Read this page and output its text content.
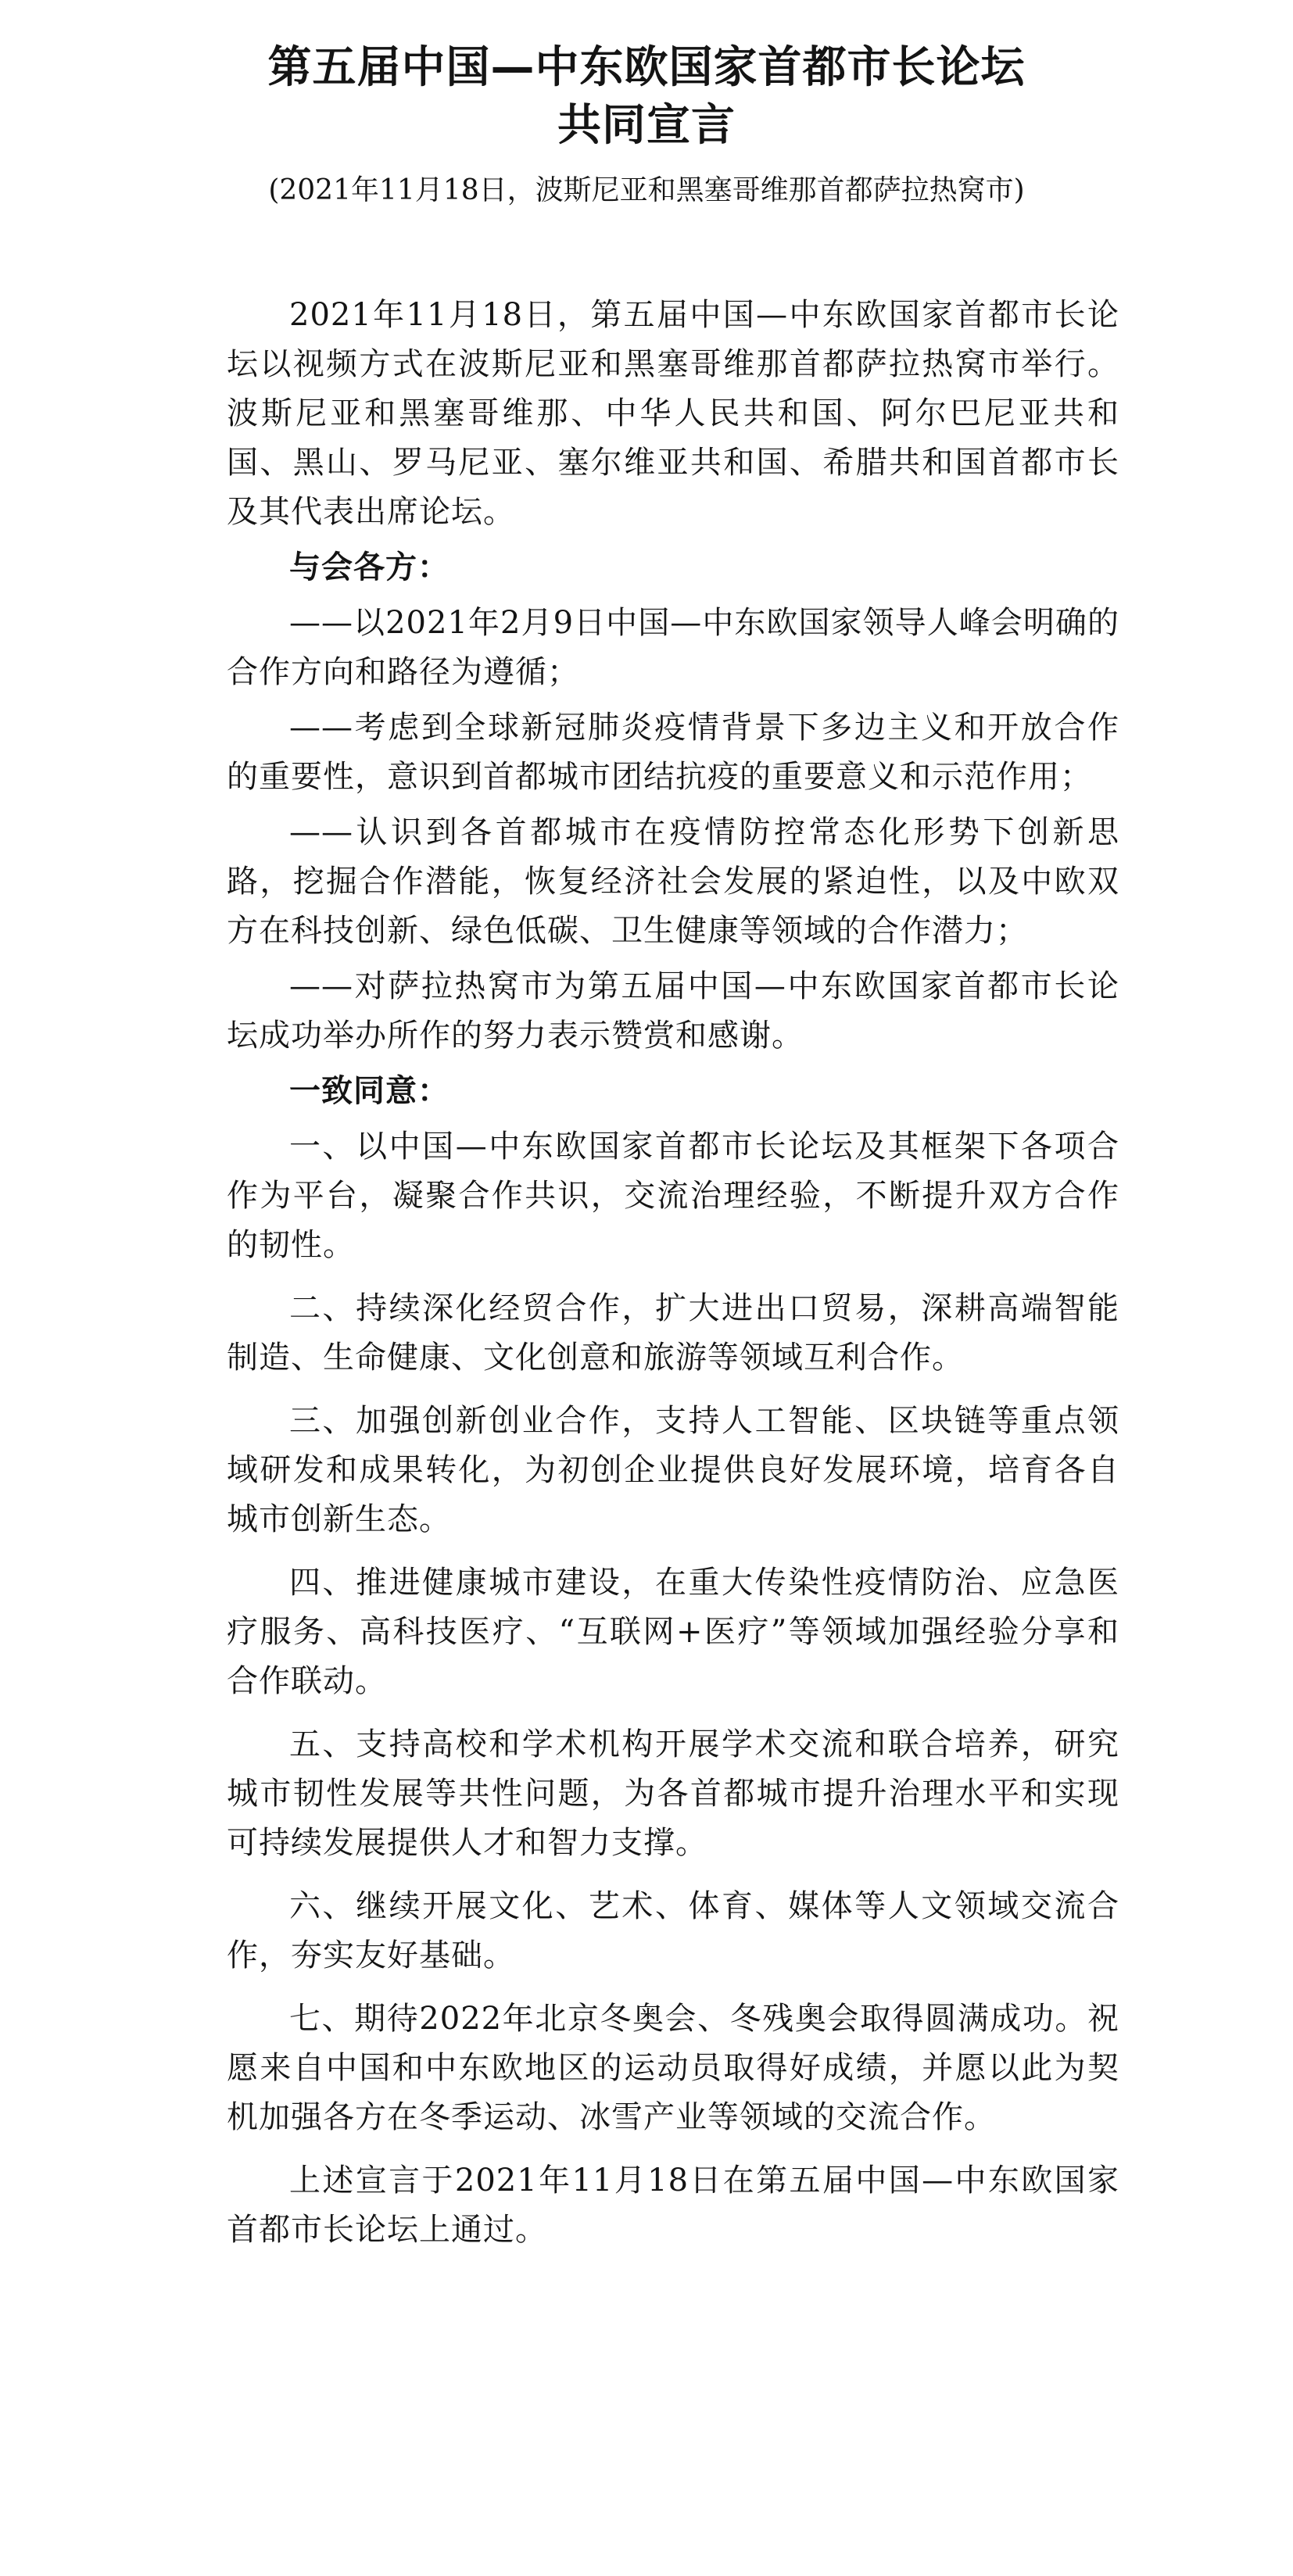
第五届中国—中东欧国家首都市长论坛
共同宣言
(2021年11月18日，波斯尼亚和黑塞哥维那首都萨拉热窝市)

2021年11月18日，第五届中国—中东欧国家首都市长论坛以视频方式在波斯尼亚和黑塞哥维那首都萨拉热窝市举行。波斯尼亚和黑塞哥维那、中华人民共和国、阿尔巴尼亚共和国、黑山、罗马尼亚、塞尔维亚共和国、希腊共和国首都市长及其代表出席论坛。

与会各方：

——以2021年2月9日中国—中东欧国家领导人峰会明确的合作方向和路径为遵循；

——考虑到全球新冠肺炎疫情背景下多边主义和开放合作的重要性，意识到首都城市团结抗疫的重要意义和示范作用；

——认识到各首都城市在疫情防控常态化形势下创新思路，挖掘合作潜能，恢复经济社会发展的紧迫性，以及中欧双方在科技创新、绿色低碳、卫生健康等领域的合作潜力；

——对萨拉热窝市为第五届中国—中东欧国家首都市长论坛成功举办所作的努力表示赞赏和感谢。

一致同意：

一、以中国—中东欧国家首都市长论坛及其框架下各项合作为平台，凝聚合作共识，交流治理经验，不断提升双方合作的韧性。

二、持续深化经贸合作，扩大进出口贸易，深耕高端智能制造、生命健康、文化创意和旅游等领域互利合作。

三、加强创新创业合作，支持人工智能、区块链等重点领域研发和成果转化，为初创企业提供良好发展环境，培育各自城市创新生态。

四、推进健康城市建设，在重大传染性疫情防治、应急医疗服务、高科技医疗、“互联网+医疗”等领域加强经验分享和合作联动。

五、支持高校和学术机构开展学术交流和联合培养，研究城市韧性发展等共性问题，为各首都城市提升治理水平和实现可持续发展提供人才和智力支撑。

六、继续开展文化、艺术、体育、媒体等人文领域交流合作，夯实友好基础。

七、期待2022年北京冬奥会、冬残奥会取得圆满成功。祝愿来自中国和中东欧地区的运动员取得好成绩，并愿以此为契机加强各方在冬季运动、冰雪产业等领域的交流合作。

上述宣言于2021年11月18日在第五届中国—中东欧国家首都市长论坛上通过。
